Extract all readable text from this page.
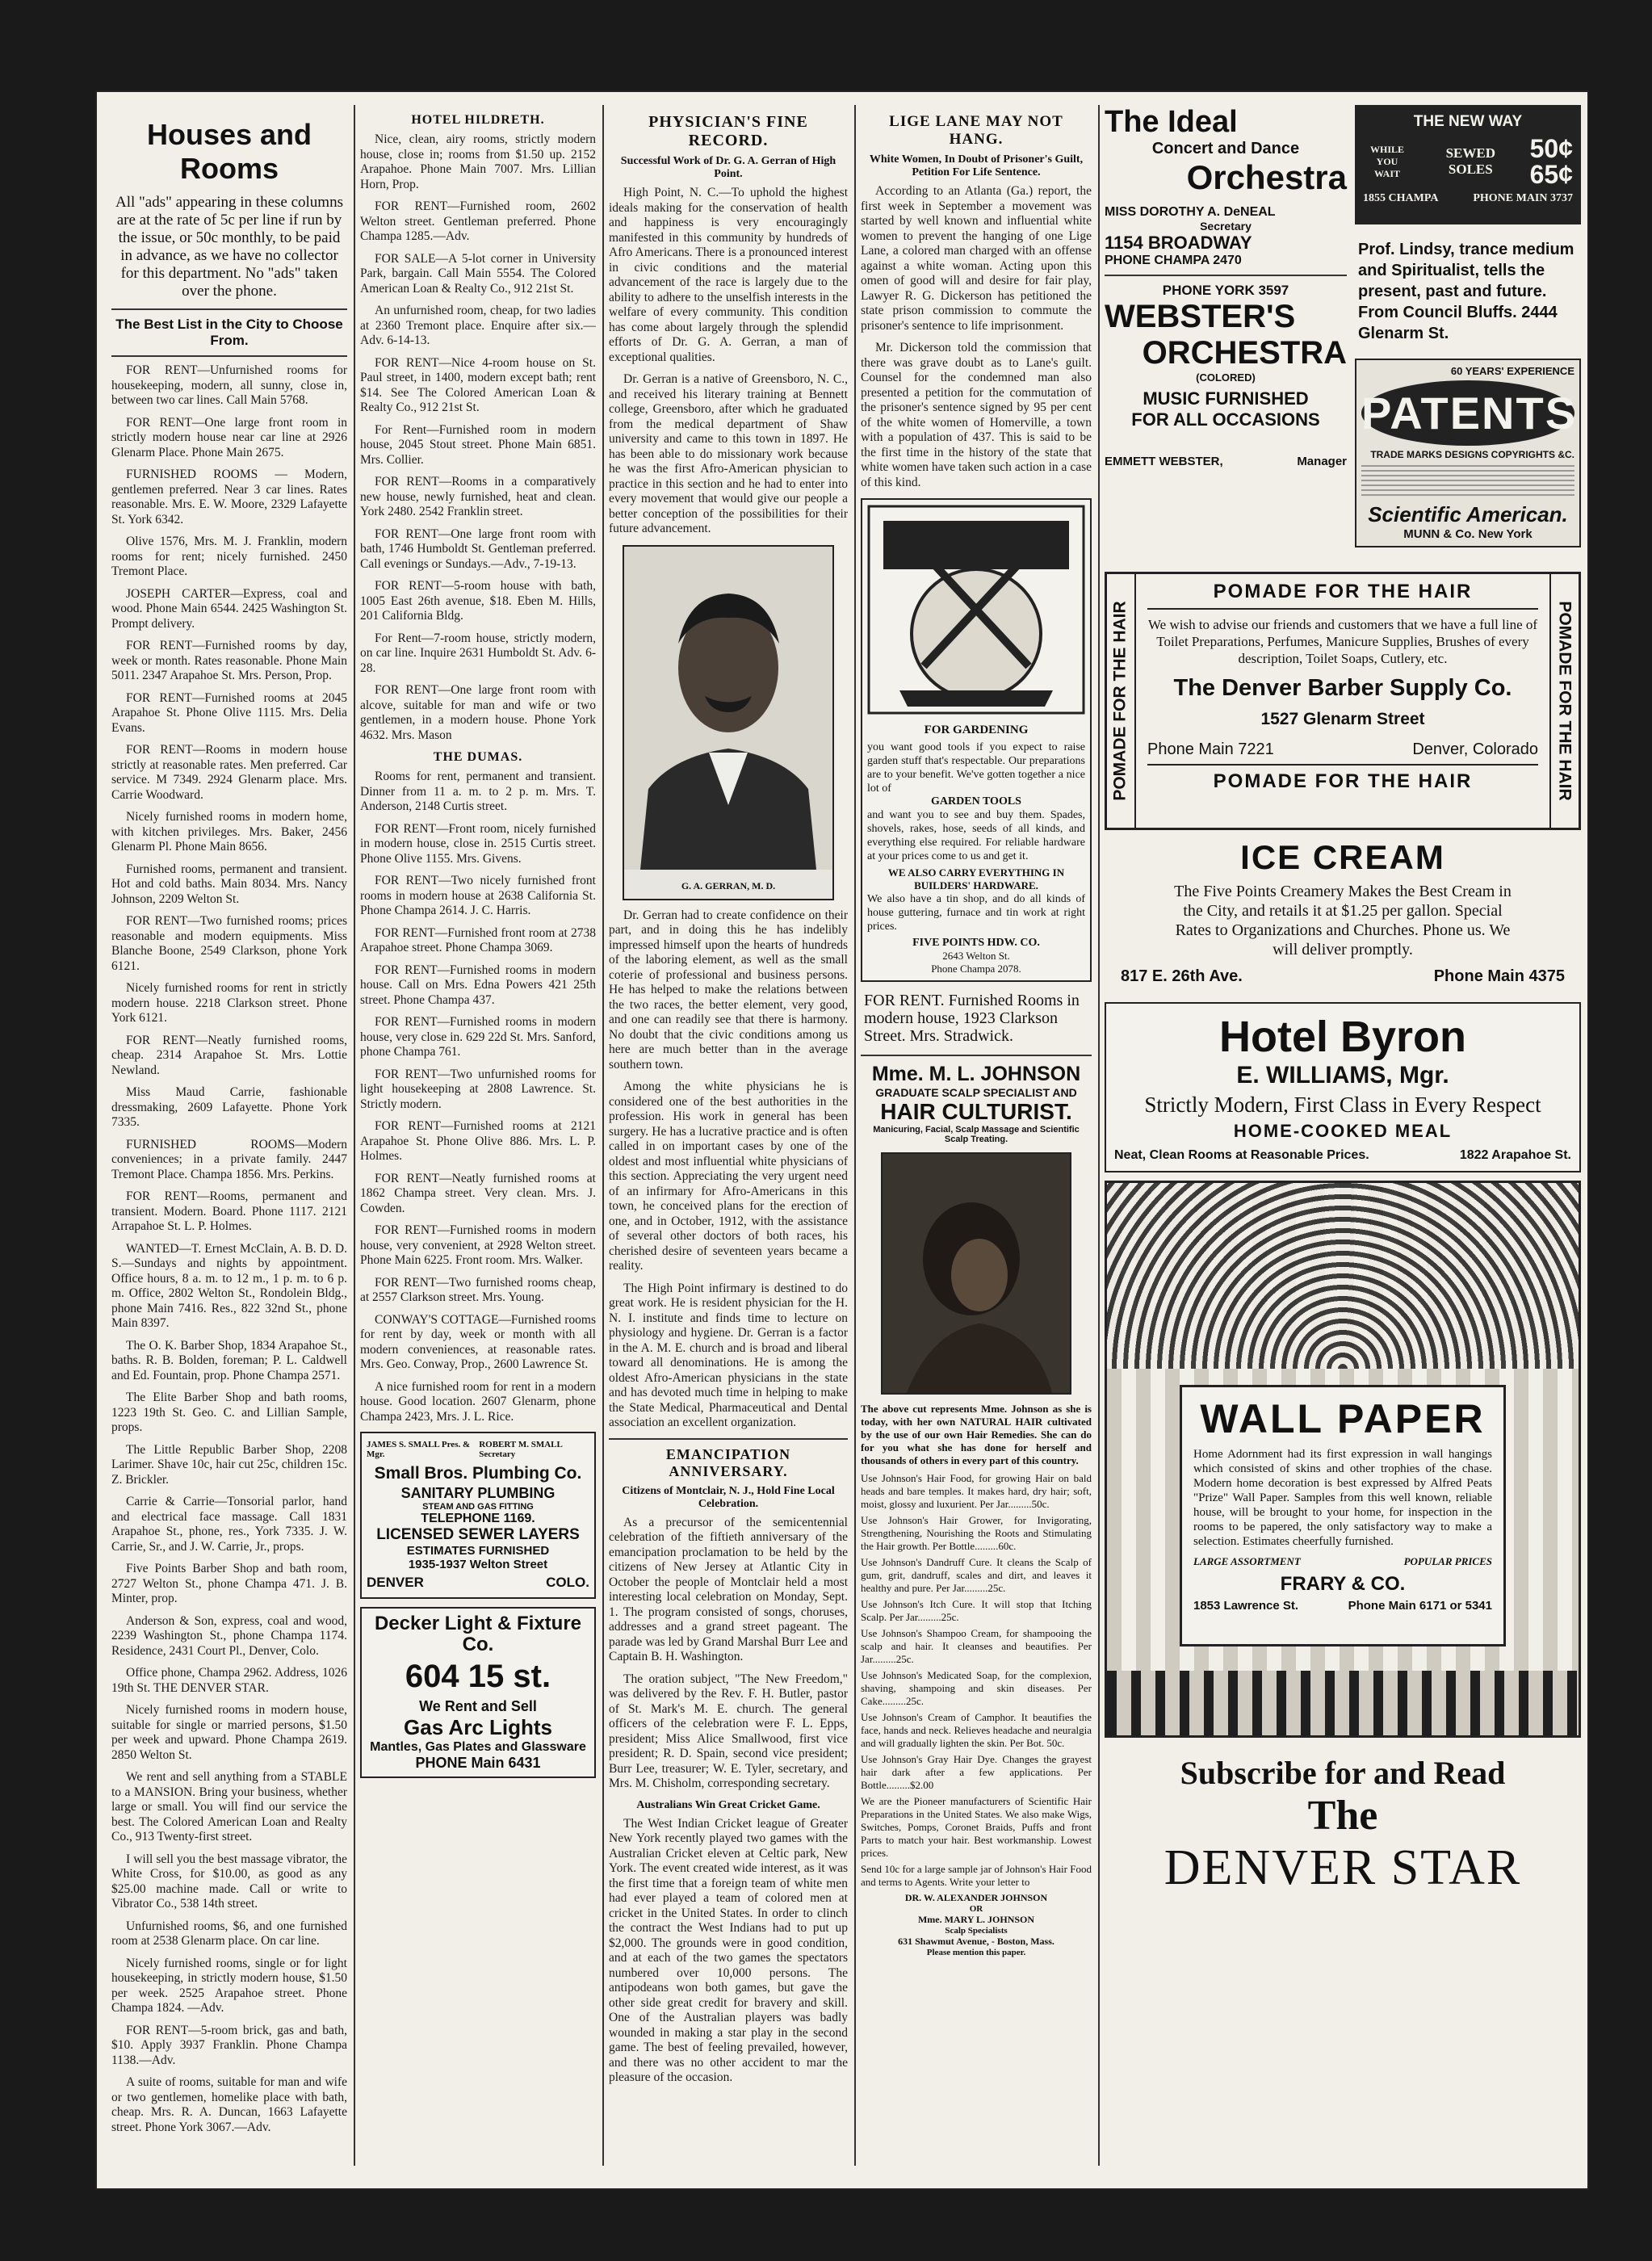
Houses and Rooms
All "ads" appearing in these columns are at the rate of 5c per line if run by the issue, or 50c monthly, to be paid in advance, as we have no collector for this department. No "ads" taken over the phone.
The Best List in the City to Choose From.
FOR RENT—Unfurnished rooms for housekeeping, modern, all sunny, close in, between two car lines. Call Main 5768.
FOR RENT—One large front room in strictly modern house near car line at 2926 Glenarm Place. Phone Main 2675.
FURNISHED ROOMS — Modern, gentlemen preferred. Near 3 car lines. Rates reasonable. Mrs. E. W. Moore, 2329 Lafayette St. York 6342.
Olive 1576, Mrs. M. J. Franklin, modern rooms for rent; nicely furnished. 2450 Tremont Place.
JOSEPH CARTER—Express, coal and wood. Phone Main 6544. 2425 Washington St. Prompt delivery.
FOR RENT—Furnished rooms by day, week or month. Rates reasonable. Phone Main 5011. 2347 Arapahoe St. Mrs. Person, Prop.
FOR RENT—Furnished rooms at 2045 Arapahoe St. Phone Olive 1115. Mrs. Delia Evans.
FOR RENT—Rooms in modern house strictly at reasonable rates. Men preferred. Car service. M 7349. 2924 Glenarm place. Mrs. Carrie Woodward.
Nicely furnished rooms in modern home, with kitchen privileges. Mrs. Baker, 2456 Glenarm Pl. Phone Main 8656.
Furnished rooms, permanent and transient. Hot and cold baths. Main 8034. Mrs. Nancy Johnson, 2209 Welton St.
FOR RENT—Two furnished rooms; prices reasonable and modern equipments. Miss Blanche Boone, 2549 Clarkson, phone York 6121.
Nicely furnished rooms for rent in strictly modern house. 2218 Clarkson street. Phone York 6121.
FOR RENT—Neatly furnished rooms, cheap. 2314 Arapahoe St. Mrs. Lottie Newland.
Miss Maud Carrie, fashionable dressmaking, 2609 Lafayette. Phone York 7335.
FURNISHED ROOMS—Modern conveniences; in a private family. 2447 Tremont Place. Champa 1856. Mrs. Perkins.
FOR RENT—Rooms, permanent and transient. Modern. Board. Phone 1117. 2121 Arrapahoe St. L. P. Holmes.
WANTED—T. Ernest McClain, A. B. D. D. S.—Sundays and nights by appointment. Office hours, 8 a. m. to 12 m., 1 p. m. to 6 p. m. Office, 2802 Welton St., Rondolein Bldg., phone Main 7416. Res., 822 32nd St., phone Main 8397.
The O. K. Barber Shop, 1834 Arapahoe St., baths. R. B. Bolden, foreman; P. L. Caldwell and Ed. Fountain, prop. Phone Champa 2571.
The Elite Barber Shop and bath rooms, 1223 19th St. Geo. C. and Lillian Sample, props.
The Little Republic Barber Shop, 2208 Larimer. Shave 10c, hair cut 25c, children 15c. Z. Brickler.
Carrie & Carrie—Tonsorial parlor, hand and electrical face massage. Call 1831 Arapahoe St., phone, res., York 7335. J. W. Carrie, Sr., and J. W. Carrie, Jr., props.
Five Points Barber Shop and bath room, 2727 Welton St., phone Champa 471. J. B. Minter, prop.
Anderson & Son, express, coal and wood, 2239 Washington St., phone Champa 1174. Residence, 2431 Court Pl., Denver, Colo.
Office phone, Champa 2962. Address, 1026 19th St. THE DENVER STAR.
Nicely furnished rooms in modern house, suitable for single or married persons, $1.50 per week and upward. Phone Champa 2619. 2850 Welton St.
We rent and sell anything from a STABLE to a MANSION. Bring your business, whether large or small. You will find our service the best. The Colored American Loan and Realty Co., 913 Twenty-first street.
I will sell you the best massage vibrator, the White Cross, for $10.00, as good as any $25.00 machine made. Call or write to Vibrator Co., 538 14th street.
Unfurnished rooms, $6, and one furnished room at 2538 Glenarm place. On car line.
Nicely furnished rooms, single or for light housekeeping, in strictly modern house, $1.50 per week. 2525 Arapahoe street. Phone Champa 1824. —Adv.
FOR RENT—5-room brick, gas and bath, $10. Apply 3937 Franklin. Phone Champa 1138.—Adv.
A suite of rooms, suitable for man and wife or two gentlemen, homelike place with bath, cheap. Mrs. R. A. Duncan, 1663 Lafayette street. Phone York 3067.—Adv.
HOTEL HILDRETH.
Nice, clean, airy rooms, strictly modern house, close in; rooms from $1.50 up. 2152 Arapahoe. Phone Main 7007. Mrs. Lillian Horn, Prop.
FOR RENT—Furnished room, 2602 Welton street. Gentleman preferred. Phone Champa 1285.—Adv.
FOR SALE—A 5-lot corner in University Park, bargain. Call Main 5554. The Colored American Loan & Realty Co., 912 21st St.
An unfurnished room, cheap, for two ladies at 2360 Tremont place. Enquire after six.—Adv. 6-14-13.
FOR RENT—Nice 4-room house on St. Paul street, in 1400, modern except bath; rent $14. See The Colored American Loan & Realty Co., 912 21st St.
For Rent—Furnished room in modern house, 2045 Stout street. Phone Main 6851. Mrs. Collier.
FOR RENT—Rooms in a comparatively new house, newly furnished, heat and clean. York 2480. 2542 Franklin street.
FOR RENT—One large front room with bath, 1746 Humboldt St. Gentleman preferred. Call evenings or Sundays.—Adv., 7-19-13.
FOR RENT—5-room house with bath, 1005 East 26th avenue, $18. Eben M. Hills, 201 California Bldg.
For Rent—7-room house, strictly modern, on car line. Inquire 2631 Humboldt St. Adv. 6-28.
FOR RENT—One large front room with alcove, suitable for man and wife or two gentlemen, in a modern house. Phone York 4632. Mrs. Mason
THE DUMAS.
Rooms for rent, permanent and transient. Dinner from 11 a. m. to 2 p. m. Mrs. T. Anderson, 2148 Curtis street.
FOR RENT—Front room, nicely furnished in modern house, close in. 2515 Curtis street. Phone Olive 1155. Mrs. Givens.
FOR RENT—Two nicely furnished front rooms in modern house at 2638 California St. Phone Champa 2614. J. C. Harris.
FOR RENT—Furnished front room at 2738 Arapahoe street. Phone Champa 3069.
FOR RENT—Furnished rooms in modern house. Call on Mrs. Edna Powers 421 25th street. Phone Champa 437.
FOR RENT—Furnished rooms in modern house, very close in. 629 22d St. Mrs. Sanford, phone Champa 761.
FOR RENT—Two unfurnished rooms for light housekeeping at 2808 Lawrence. St. Strictly modern.
FOR RENT—Furnished rooms at 2121 Arapahoe St. Phone Olive 886. Mrs. L. P. Holmes.
FOR RENT—Neatly furnished rooms at 1862 Champa street. Very clean. Mrs. J. Cowden.
FOR RENT—Furnished rooms in modern house, very convenient, at 2928 Welton street. Phone Main 6225. Front room. Mrs. Walker.
FOR RENT—Two furnished rooms cheap, at 2557 Clarkson street. Mrs. Young.
CONWAY'S COTTAGE—Furnished rooms for rent by day, week or month with all modern conveniences, at reasonable rates. Mrs. Geo. Conway, Prop., 2600 Lawrence St.
A nice furnished room for rent in a modern house. Good location. 2607 Glenarm, phone Champa 2423, Mrs. J. L. Rice.
JAMES S. SMALL Pres. & Mgr.
ROBERT M. SMALL Secretary
Small Bros. Plumbing Co.
SANITARY PLUMBING
STEAM AND GAS FITTING
TELEPHONE 1169.
LICENSED SEWER LAYERS
ESTIMATES FURNISHED
1935-1937 Welton Street
DENVER	COLO.
Decker Light & Fixture Co.
604 15 st.
We Rent and Sell
Gas Arc Lights
Mantles, Gas Plates and Glassware
PHONE Main 6431
PHYSICIAN'S FINE RECORD.
Successful Work of Dr. G. A. Gerran of High Point.
High Point, N. C.—To uphold the highest ideals making for the conservation of health and happiness is very encouragingly manifested in this community by hundreds of Afro Americans. There is a pronounced interest in civic conditions and the material advancement of the race is largely due to the ability to adhere to the unselfish interests in the welfare of every community. This condition has come about largely through the splendid efforts of Dr. G. A. Gerran, a man of exceptional qualities.
Dr. Gerran is a native of Greensboro, N. C., and received his literary training at Bennett college, Greensboro, after which he graduated from the medical department of Shaw university and came to this town in 1897. He has been able to do missionary work because he was the first Afro-American physician to practice in this section and he had to enter into every movement that would give our people a better conception of the possibilities for their future advancement.
G. A. GERRAN, M. D.
Dr. Gerran had to create confidence on their part, and in doing this he has indelibly impressed himself upon the hearts of hundreds of the laboring element, as well as the small coterie of professional and business persons. He has helped to make the relations between the two races, the better element, very good, and one can readily see that there is harmony. No doubt that the civic conditions among us here are much better than in the average southern town.
Among the white physicians he is considered one of the best authorities in the profession. His work in general has been surgery. He has a lucrative practice and is often called in on important cases by one of the oldest and most influential white physicians of this section. Appreciating the very urgent need of an infirmary for Afro-Americans in this town, he conceived plans for the erection of one, and in October, 1912, with the assistance of several other doctors of both races, his cherished desire of seventeen years became a reality.
The High Point infirmary is destined to do great work. He is resident physician for the H. N. I. institute and finds time to lecture on physiology and hygiene. Dr. Gerran is a factor in the A. M. E. church and is broad and liberal toward all denominations. He is among the oldest Afro-American physicians in the state and has devoted much time in helping to make the State Medical, Pharmaceutical and Dental association an excellent organization.
EMANCIPATION ANNIVERSARY.
Citizens of Montclair, N. J., Hold Fine Local Celebration.
As a precursor of the semicentennial celebration of the fiftieth anniversary of the emancipation proclamation to be held by the citizens of New Jersey at Atlantic City in October the people of Montclair held a most interesting local celebration on Monday, Sept. 1. The program consisted of songs, choruses, addresses and a grand street pageant. The parade was led by Grand Marshal Burr Lee and Captain B. H. Washington.
The oration subject, "The New Freedom," was delivered by the Rev. F. H. Butler, pastor of St. Mark's M. E. church. The general officers of the celebration were F. L. Epps, president; Miss Alice Smallwood, first vice president; R. D. Spain, second vice president; Burr Lee, treasurer; W. E. Tyler, secretary, and Mrs. M. Chisholm, corresponding secretary.
Australians Win Great Cricket Game.
The West Indian Cricket league of Greater New York recently played two games with the Australian Cricket eleven at Celtic park, New York. The event created wide interest, as it was the first time that a foreign team of white men had ever played a team of colored men at cricket in the United States. In order to clinch the contract the West Indians had to put up $2,000. The grounds were in good condition, and at each of the two games the spectators numbered over 10,000 persons. The antipodeans won both games, but gave the other side great credit for bravery and skill. One of the Australian players was badly wounded in making a star play in the second game. The best of feeling prevailed, however, and there was no other accident to mar the pleasure of the occasion.
LIGE LANE MAY NOT HANG.
White Women, In Doubt of Prisoner's Guilt, Petition For Life Sentence.
According to an Atlanta (Ga.) report, the first week in September a movement was started by well known and influential white women to prevent the hanging of one Lige Lane, a colored man charged with an offense against a white woman. Acting upon this omen of good will and desire for fair play, Lawyer R. G. Dickerson has petitioned the state prison commission to commute the prisoner's sentence to life imprisonment.
Mr. Dickerson told the commission that there was grave doubt as to Lane's guilt. Counsel for the condemned man also presented a petition for the commutation of the prisoner's sentence signed by 95 per cent of the white women of Homerville, a town with a population of 437. This is said to be the first time in the history of the state that white women have taken such action in a case of this kind.
FOR GARDENING
you want good tools if you expect to raise garden stuff that's respectable. Our preparations are to your benefit. We've gotten together a nice lot of
GARDEN TOOLS
and want you to see and buy them. Spades, shovels, rakes, hose, seeds of all kinds, and everything else required. For reliable hardware at your prices come to us and get it.
WE ALSO CARRY EVERYTHING IN BUILDERS' HARDWARE.
We also have a tin shop, and do all kinds of house guttering, furnace and tin work at right prices.
FIVE POINTS HDW. CO.
2643 Welton St.
Phone Champa 2078.
FOR RENT. Furnished Rooms in modern house, 1923 Clarkson Street. Mrs. Stradwick.
Mme. M. L. JOHNSON
GRADUATE SCALP SPECIALIST AND
HAIR CULTURIST.
Manicuring, Facial, Scalp Massage and Scientific Scalp Treating.
The above cut represents Mme. Johnson as she is today, with her own NATURAL HAIR cultivated by the use of our own Hair Remedies. She can do for you what she has done for herself and thousands of others in every part of this country.
Use Johnson's Hair Food, for growing Hair on bald heads and bare temples. It makes hard, dry hair; soft, moist, glossy and luxurient. Per Jar.........50c.
Use Johnson's Hair Grower, for Invigorating, Strengthening, Nourishing the Roots and Stimulating the Hair growth. Per Bottle.........60c.
Use Johnson's Dandruff Cure. It cleans the Scalp of gum, grit, dandruff, scales and dirt, and leaves it healthy and pure. Per Jar.........25c.
Use Johnson's Itch Cure. It will stop that Itching Scalp. Per Jar.........25c.
Use Johnson's Shampoo Cream, for shampooing the scalp and hair. It cleanses and beautifies. Per Jar.........25c.
Use Johnson's Medicated Soap, for the complexion, shaving, shampoing and skin diseases. Per Cake.........25c.
Use Johnson's Cream of Camphor. It beautifies the face, hands and neck. Relieves headache and neuralgia and will gradually lighten the skin. Per Bot. 50c.
Use Johnson's Gray Hair Dye. Changes the grayest hair dark after a few applications. Per Bottle.........$2.00
We are the Pioneer manufacturers of Scientific Hair Preparations in the United States. We also make Wigs, Switches, Pomps, Coronet Braids, Puffs and front Parts to match your hair. Best workmanship. Lowest prices.
Send 10c for a large sample jar of Johnson's Hair Food and terms to Agents. Write your letter to
DR. W. ALEXANDER JOHNSON
OR
Mme. MARY L. JOHNSON
Scalp Specialists
631 Shawmut Avenue, - Boston, Mass.
Please mention this paper.
The Ideal
Concert and Dance
Orchestra
MISS DOROTHY A. DeNEAL
Secretary
1154 BROADWAY
PHONE CHAMPA 2470
PHONE YORK 3597
WEBSTER'S
ORCHESTRA
(COLORED)
MUSIC FURNISHED
FOR ALL OCCASIONS
EMMETT WEBSTER,	Manager
THE NEW WAY
WHILE YOU WAIT
SEWED SOLES
50¢
65¢
1855 CHAMPA	PHONE MAIN 3737
Prof. Lindsy, trance medium and Spiritualist, tells the present, past and future. From Council Bluffs. 2444 Glenarm St.
60 YEARS' EXPERIENCE
PATENTS
TRADE MARKS DESIGNS COPYRIGHTS &C.
Scientific American.
MUNN & Co. New York
POMADE FOR THE HAIR	POMADE FOR THE HAIR
POMADE FOR THE HAIR
We wish to advise our friends and customers that we have a full line of Toilet Preparations, Perfumes, Manicure Supplies, Brushes of every description, Toilet Soaps, Cutlery, etc.
The Denver Barber Supply Co.
1527 Glenarm Street
Phone Main 7221	Denver, Colorado
POMADE FOR THE HAIR
ICE CREAM
The Five Points Creamery Makes the Best Cream in the City, and retails it at $1.25 per gallon. Special Rates to Organizations and Churches. Phone us. We will deliver promptly.
817 E. 26th Ave.	Phone Main 4375
Hotel Byron
E. WILLIAMS, Mgr.
Strictly Modern, First Class in Every Respect
HOME-COOKED MEAL
Neat, Clean Rooms at Reasonable Prices.	1822 Arapahoe St.
WALL PAPER
Home Adornment had its first expression in wall hangings which consisted of skins and other trophies of the chase. Modern home decoration is best expressed by Alfred Peats "Prize" Wall Paper. Samples from this well known, reliable house, will be brought to your home, for inspection in the rooms to be papered, the only satisfactory way to make a selection. Estimates cheerfully furnished.
LARGE ASSORTMENT	POPULAR PRICES
FRARY & CO.
1853 Lawrence St.	Phone Main 6171 or 5341
Subscribe for and Read
The
DENVER STAR
